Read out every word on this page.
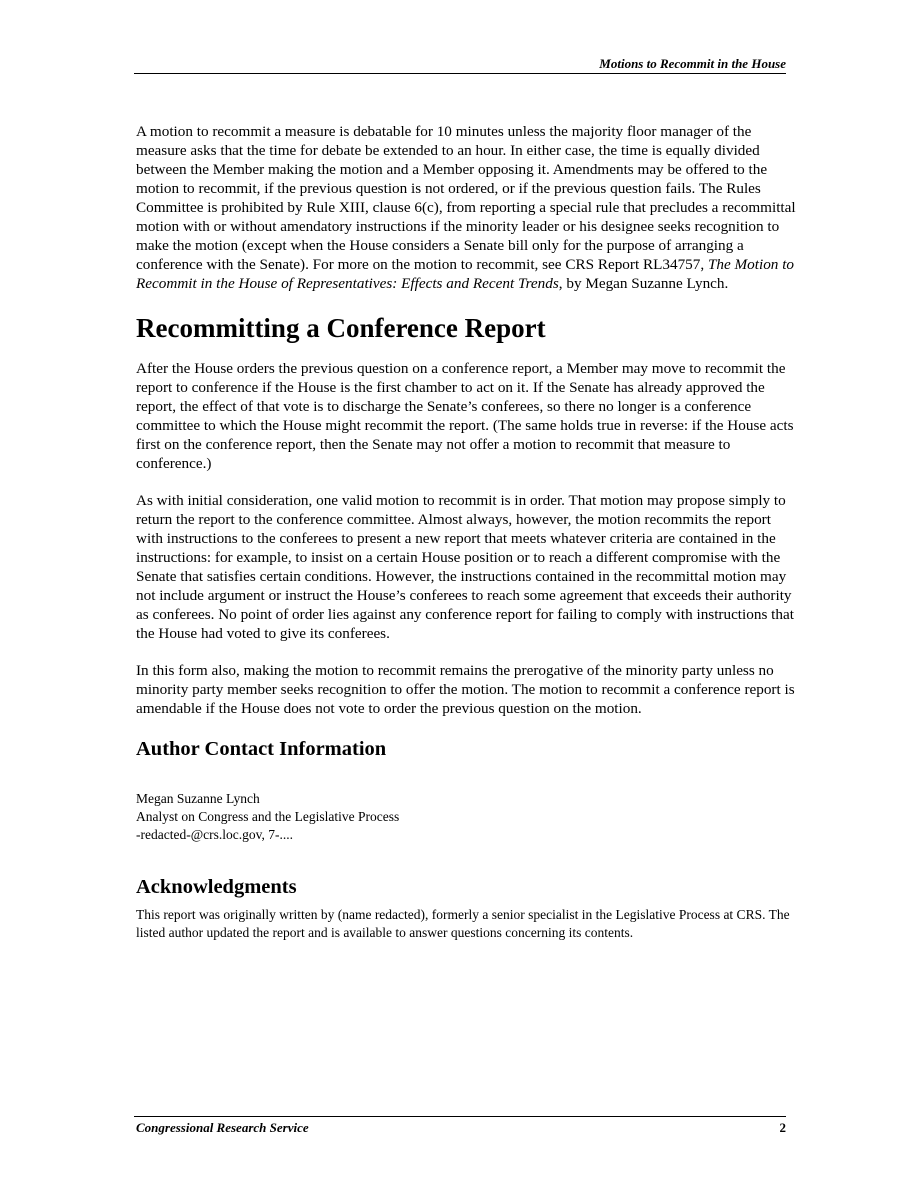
Motions to Recommit in the House

A motion to recommit a measure is debatable for 10 minutes unless the majority floor manager of the measure asks that the time for debate be extended to an hour. In either case, the time is equally divided between the Member making the motion and a Member opposing it. Amendments may be offered to the motion to recommit, if the previous question is not ordered, or if the previous question fails. The Rules Committee is prohibited by Rule XIII, clause 6(c), from reporting a special rule that precludes a recommittal motion with or without amendatory instructions if the minority leader or his designee seeks recognition to make the motion (except when the House considers a Senate bill only for the purpose of arranging a conference with the Senate). For more on the motion to recommit, see CRS Report RL34757, The Motion to Recommit in the House of Representatives: Effects and Recent Trends, by Megan Suzanne Lynch.

Recommitting a Conference Report

After the House orders the previous question on a conference report, a Member may move to recommit the report to conference if the House is the first chamber to act on it. If the Senate has already approved the report, the effect of that vote is to discharge the Senate’s conferees, so there no longer is a conference committee to which the House might recommit the report. (The same holds true in reverse: if the House acts first on the conference report, then the Senate may not offer a motion to recommit that measure to conference.)

As with initial consideration, one valid motion to recommit is in order. That motion may propose simply to return the report to the conference committee. Almost always, however, the motion recommits the report with instructions to the conferees to present a new report that meets whatever criteria are contained in the instructions: for example, to insist on a certain House position or to reach a different compromise with the Senate that satisfies certain conditions. However, the instructions contained in the recommittal motion may not include argument or instruct the House’s conferees to reach some agreement that exceeds their authority as conferees. No point of order lies against any conference report for failing to comply with instructions that the House had voted to give its conferees.

In this form also, making the motion to recommit remains the prerogative of the minority party unless no minority party member seeks recognition to offer the motion. The motion to recommit a conference report is amendable if the House does not vote to order the previous question on the motion.

Author Contact Information
Megan Suzanne Lynch
Analyst on Congress and the Legislative Process
-redacted-@crs.loc.gov, 7-....
Acknowledgments

This report was originally written by (name redacted), formerly a senior specialist in the Legislative Process at CRS. The listed author updated the report and is available to answer questions concerning its contents.

Congressional Research Service	2
